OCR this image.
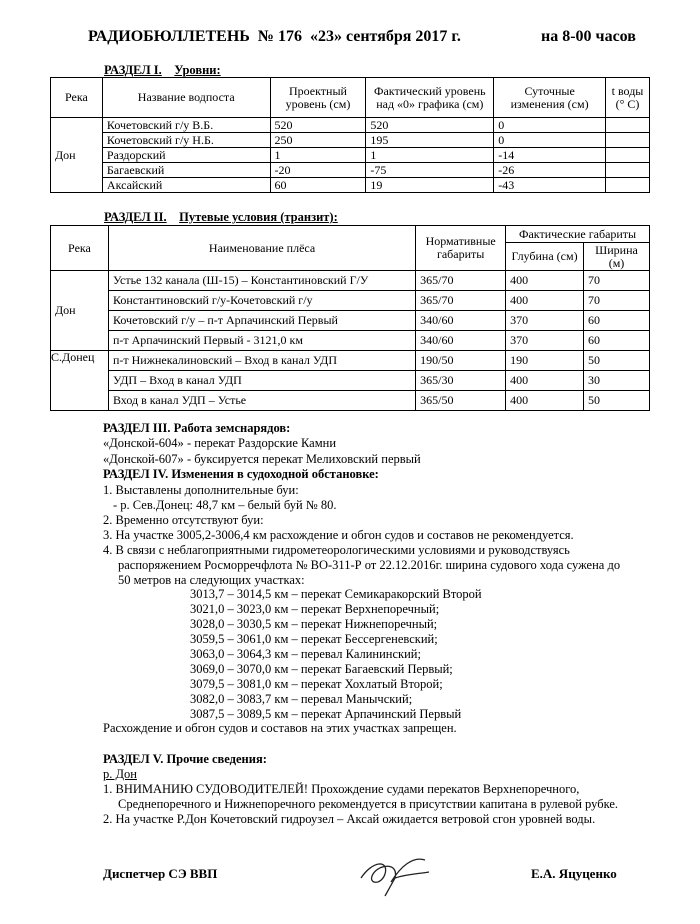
РАДИОБЮЛЛЕТЕНЬ № 176 «23» сентября 2017 г.	на 8-00 часов
РАЗДЕЛ I. Уровни:
Река	Название водпоста	Проектный уровень (см)	Фактический уровень над «0» графика (см)	Суточные изменения (см)	t воды (° С)
Дон	Кочетовский г/у В.Б.	520	520	0	
	Кочетовский г/у Н.Б.	250	195	0	
	Раздорский	1	1	-14	
	Багаевский	-20	-75	-26	
	Аксайский	60	19	-43	
РАЗДЕЛ II. Путевые условия (транзит):
Река	Наименование плёса	Нормативные габариты	Фактические габариты	
			Глубина (см)	Ширина (м)
Дон	Устье 132 канала (Ш-15) – Константиновский Г/У	365/70	400	70
	Константиновский г/у-Кочетовский г/у	365/70	400	70
	Кочетовский г/у – п-т Арпачинский Первый	340/60	370	60
	п-т Арпачинский Первый - 3121,0 км	340/60	370	60
С.Донец	п-т Нижнекалиновский – Вход в канал УДП	190/50	190	50
	УДП – Вход в канал УДП	365/30	400	30
	Вход в канал УДП – Устье	365/50	400	50
РАЗДЕЛ III. Работа земснарядов:
«Донской-604» - перекат Раздорские Камни
«Донской-607» - буксируется перекат Мелиховский первый
РАЗДЕЛ IV. Изменения в судоходной обстановке:
1. Выставлены дополнительные буи:
- р. Сев.Донец: 48,7 км – белый буй № 80.
2. Временно отсутствуют буи:
3. На участке 3005,2-3006,4 км расхождение и обгон судов и составов не рекомендуется.
4. В связи с неблагоприятными гидрометеорологическими условиями и руководствуясь
распоряжением Росморречфлота № ВО-311-Р от 22.12.2016г. ширина судового хода сужена до
50 метров на следующих участках:
3013,7 – 3014,5 км – перекат Семикаракорский Второй
3021,0 – 3023,0 км – перекат Верхнепоречный;
3028,0 – 3030,5 км – перекат Нижнепоречный;
3059,5 – 3061,0 км – перекат Бессергеневский;
3063,0 – 3064,3 км – перевал Калининский;
3069,0 – 3070,0 км – перекат Багаевский Первый;
3079,5 – 3081,0 км – перекат Хохлатый Второй;
3082,0 – 3083,7 км – перевал Манычский;
3087,5 – 3089,5 км – перекат Арпачинский Первый
Расхождение и обгон судов и составов на этих участках запрещен.
РАЗДЕЛ V. Прочие сведения:
р. Дон
1. ВНИМАНИЮ СУДОВОДИТЕЛЕЙ! Прохождение судами перекатов Верхнепоречного,
Среднепоречного и Нижнепоречного рекомендуется в присутствии капитана в рулевой рубке.
2. На участке Р.Дон Кочетовский гидроузел – Аксай ожидается ветровой сгон уровней воды.
Диспетчер СЭ ВВП	Е.А. Яцуценко
